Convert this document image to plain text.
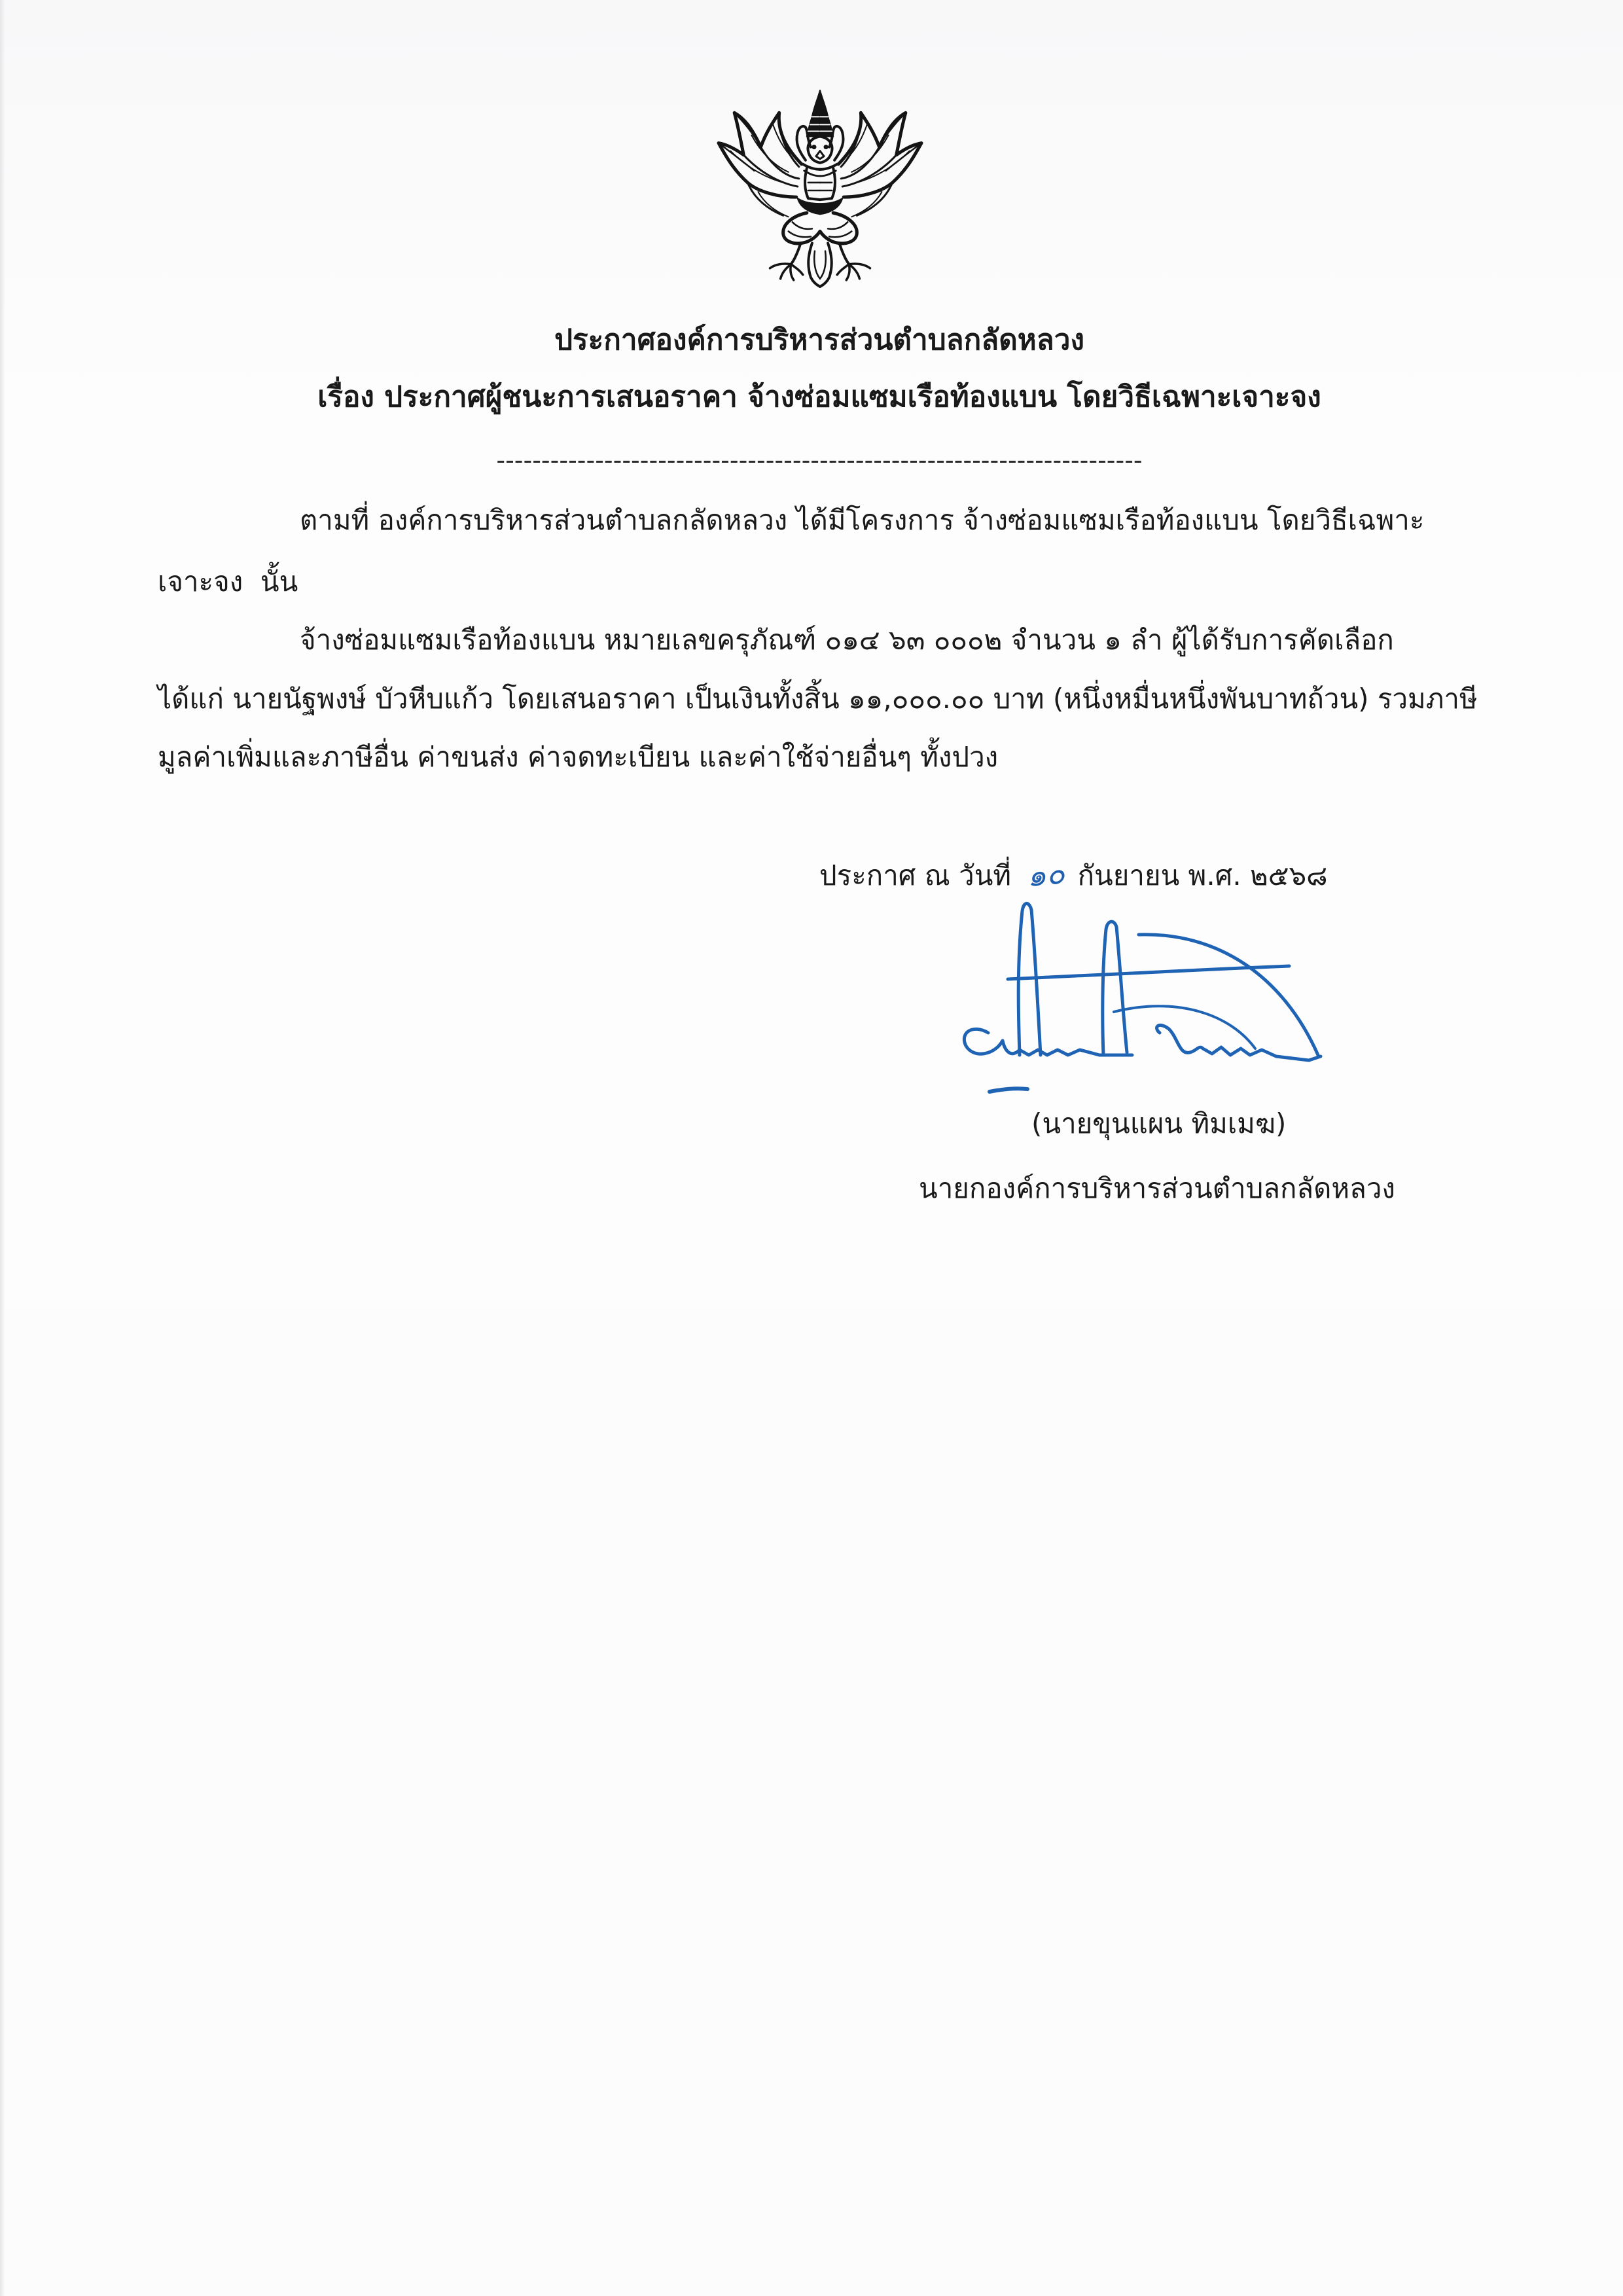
ประกาศองค์การบริหารส่วนตำบลกลัดหลวง
เรื่อง ประกาศผู้ชนะการเสนอราคา จ้างซ่อมแซมเรือท้องแบน โดยวิธีเฉพาะเจาะจง
------------------------------------------------------------------------
ตามที่ องค์การบริหารส่วนตำบลกลัดหลวง ได้มีโครงการ จ้างซ่อมแซมเรือท้องแบน โดยวิธีเฉพาะ
เจาะจง  นั้น
จ้างซ่อมแซมเรือท้องแบน หมายเลขครุภัณฑ์ ๐๑๔ ๖๓ ๐๐๐๒ จำนวน ๑ ลำ ผู้ได้รับการคัดเลือก
ได้แก่ นายนัฐพงษ์ บัวหีบแก้ว โดยเสนอราคา เป็นเงินทั้งสิ้น ๑๑,๐๐๐.๐๐ บาท (หนึ่งหมื่นหนึ่งพันบาทถ้วน) รวมภาษี
มูลค่าเพิ่มและภาษีอื่น ค่าขนส่ง ค่าจดทะเบียน และค่าใช้จ่ายอื่นๆ ทั้งปวง
ประกาศ ณ วันที่ ๑๐ กันยายน พ.ศ. ๒๕๖๘
(นายขุนแผน ทิมเมฆ)
นายกองค์การบริหารส่วนตำบลกลัดหลวง
